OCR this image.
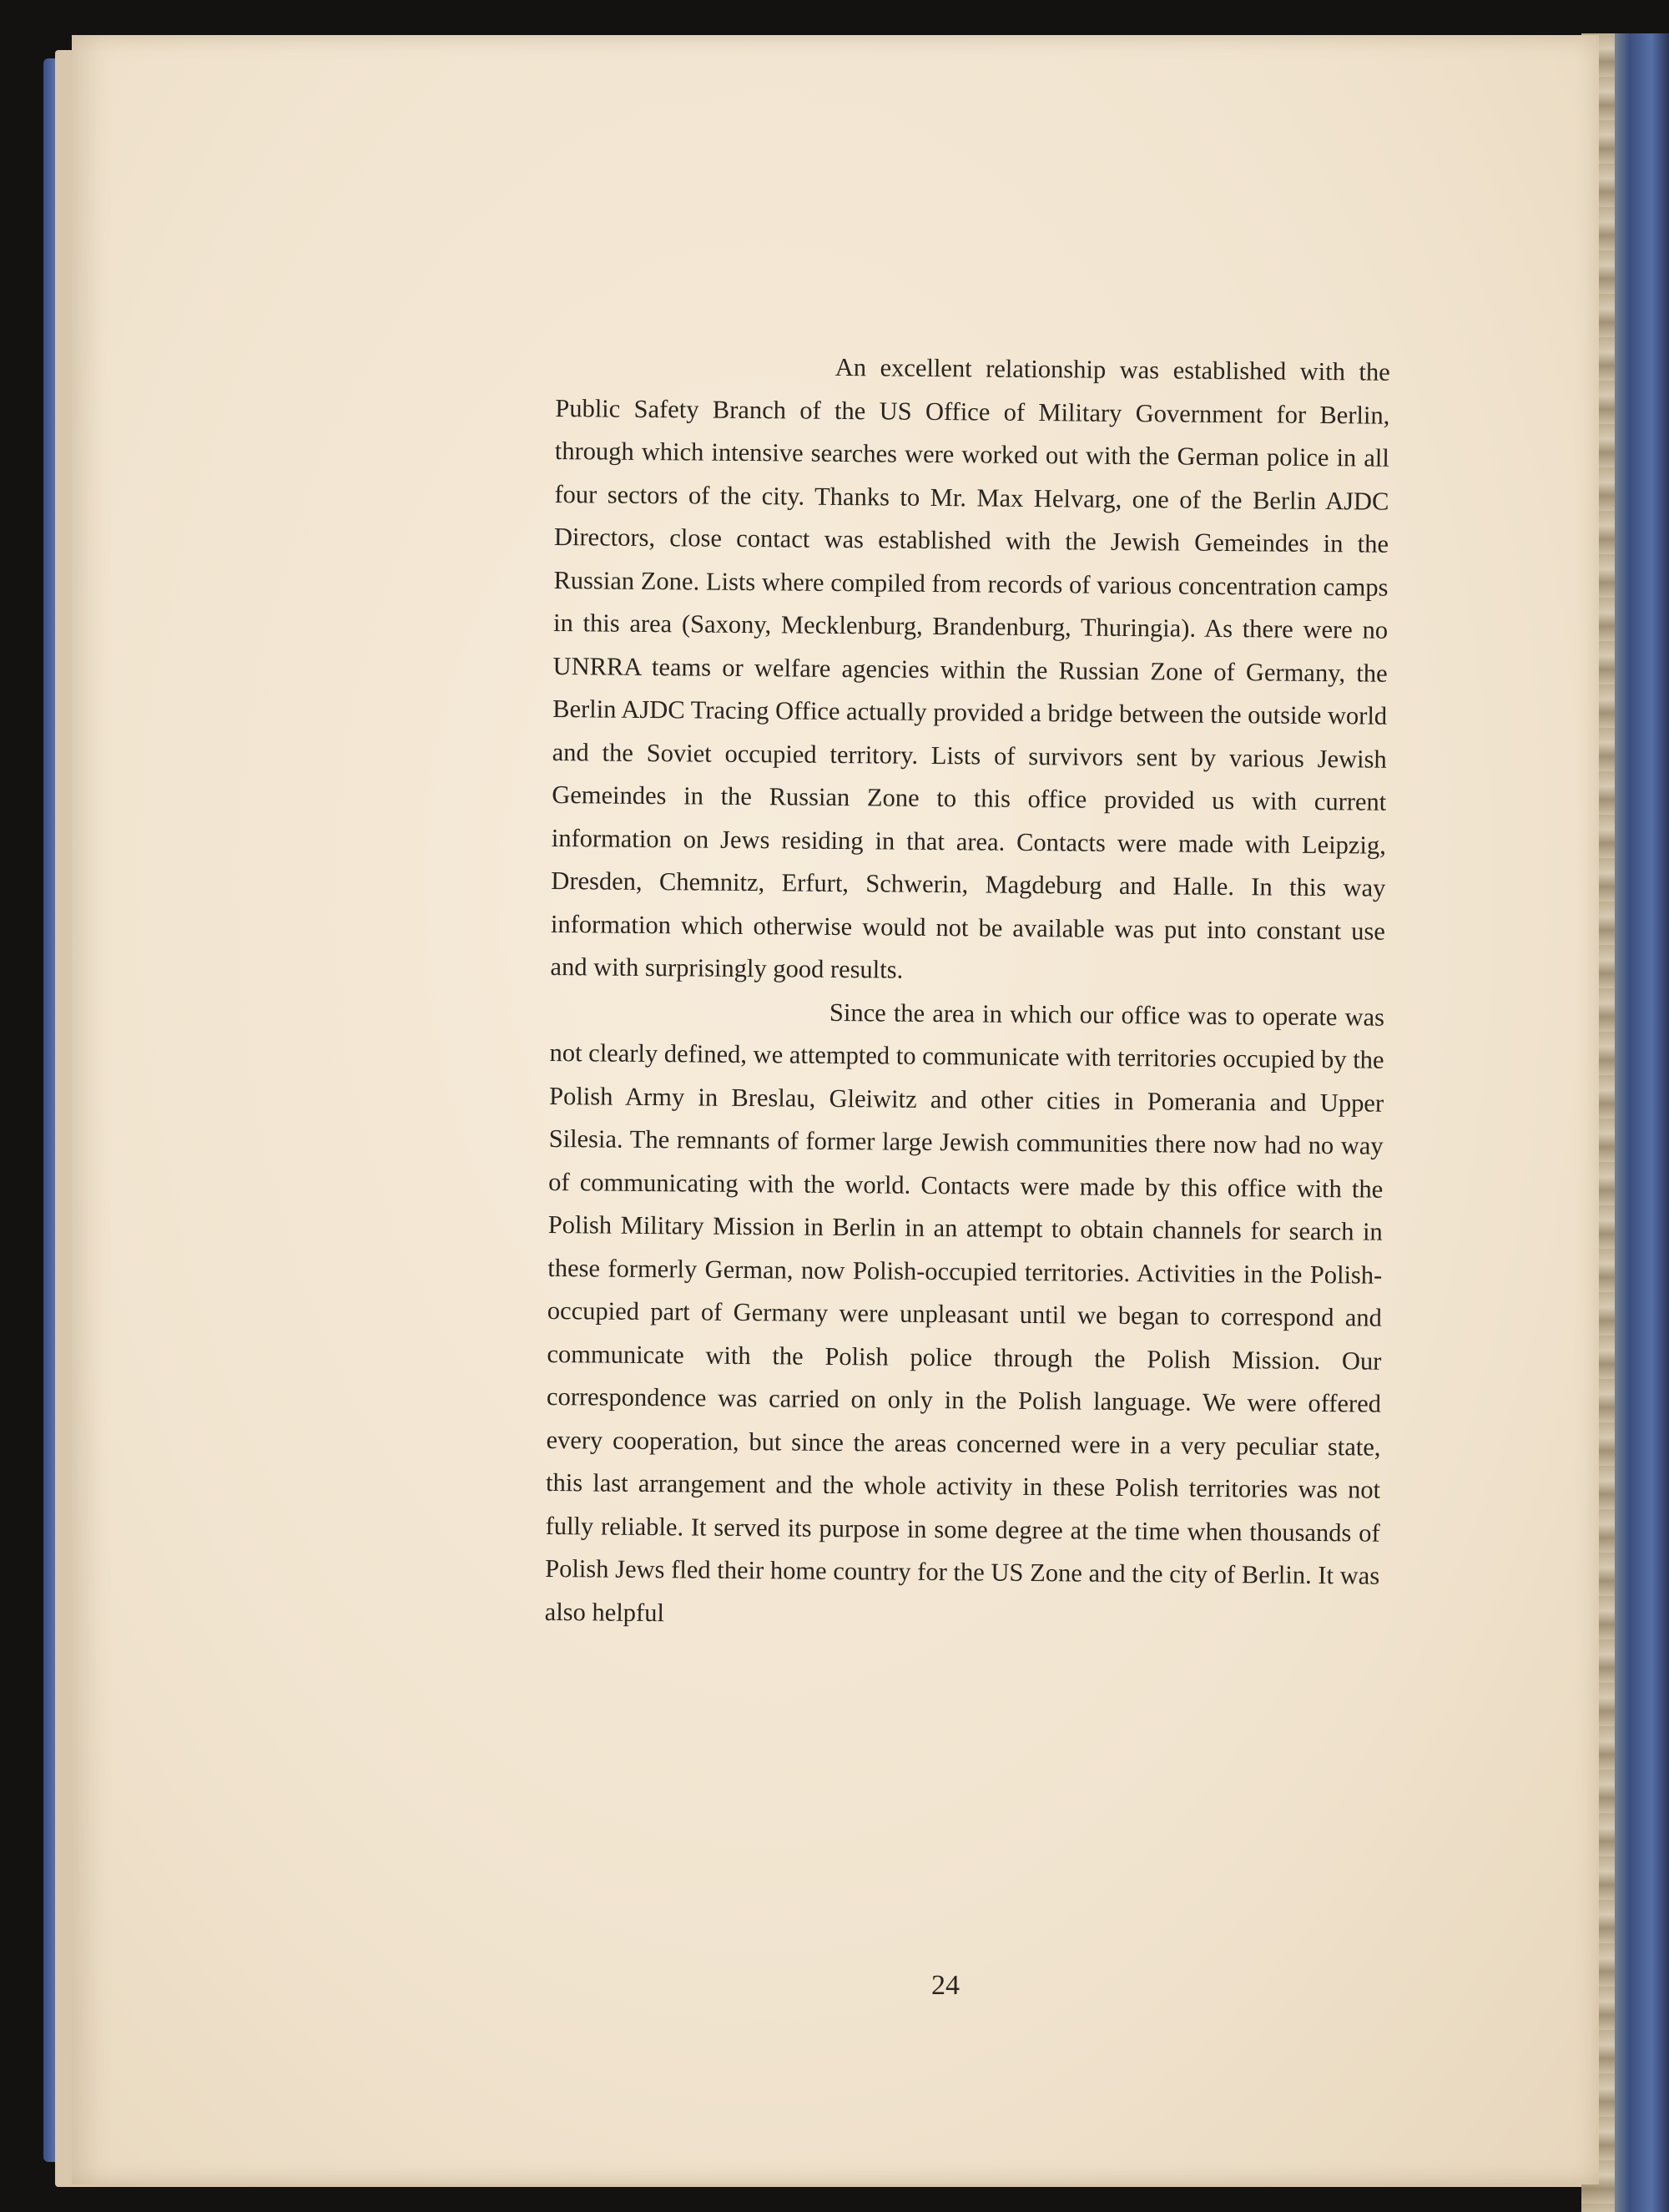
An excellent relationship was established with the Public Safety Branch of the US Office of Military Government for Berlin, through which intensive searches were worked out with the German police in all four sectors of the city. Thanks to Mr. Max Helvarg, one of the Berlin AJDC Directors, close contact was established with the Jewish Gemeindes in the Russian Zone. Lists where compiled from records of various concentration camps in this area (Saxony, Mecklenburg, Brandenburg, Thuringia). As there were no UNRRA teams or welfare agencies within the Russian Zone of Germany, the Berlin AJDC Tracing Office actually provided a bridge between the outside world and the Soviet occupied territory. Lists of survivors sent by various Jewish Gemeindes in the Russian Zone to this office provided us with current information on Jews residing in that area. Contacts were made with Leipzig, Dresden, Chemnitz, Erfurt, Schwerin, Magdeburg and Halle. In this way information which otherwise would not be available was put into constant use and with surprisingly good results.

Since the area in which our office was to operate was not clearly defined, we attempted to communicate with territories occupied by the Polish Army in Breslau, Gleiwitz and other cities in Pomerania and Upper Silesia. The remnants of former large Jewish communities there now had no way of communicating with the world. Contacts were made by this office with the Polish Military Mission in Berlin in an attempt to obtain channels for search in these formerly German, now Polish-occupied territories. Activities in the Polish-occupied part of Germany were unpleasant until we began to correspond and communicate with the Polish police through the Polish Mission. Our correspondence was carried on only in the Polish language. We were offered every cooperation, but since the areas concerned were in a very peculiar state, this last arrangement and the whole activity in these Polish territories was not fully reliable. It served its purpose in some degree at the time when thousands of Polish Jews fled their home country for the US Zone and the city of Berlin. It was also helpful

24
